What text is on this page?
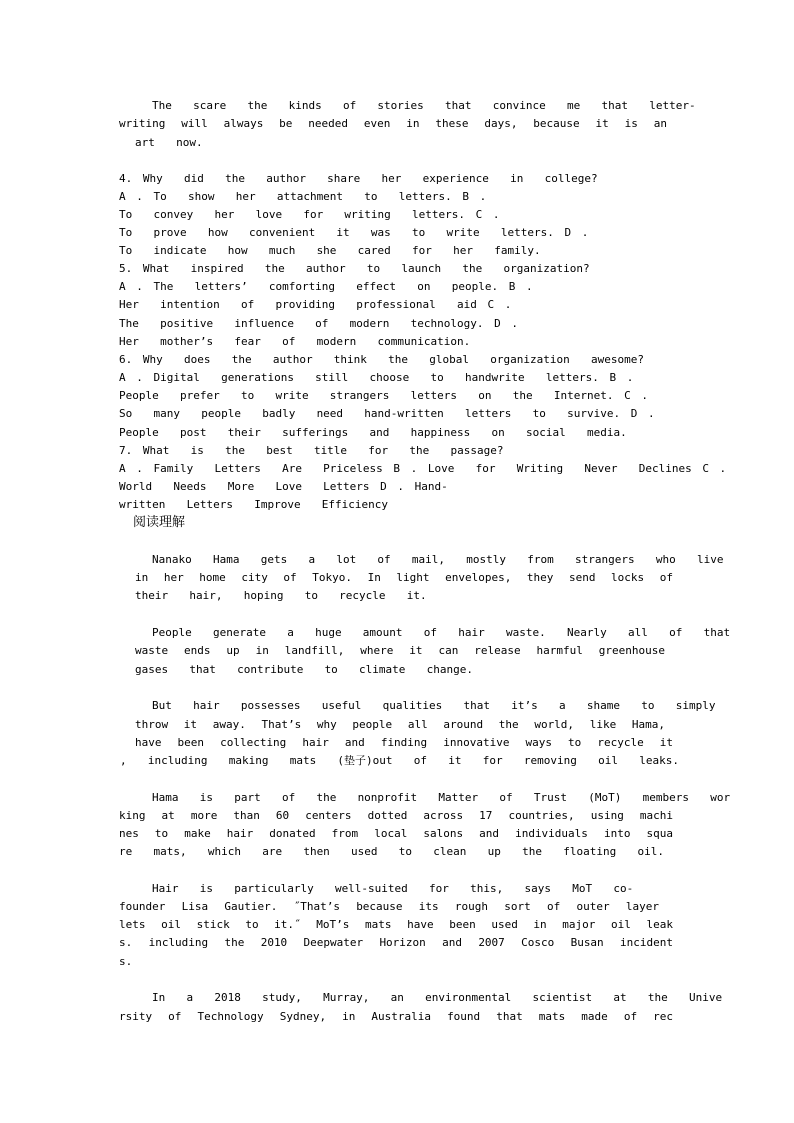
The  scare  the  kinds  of  stories  that  convince  me  that  letter-
writing will always be needed even in these days, because it is an
art  now.
4. Why  did  the  author  share  her  experience  in  college?
A . To  show  her  attachment  to  letters. B .
To  convey  her  love  for  writing  letters. C .
To  prove  how  convenient  it  was  to  write  letters. D .
To  indicate  how  much  she  cared  for  her  family.
5. What  inspired  the  author  to  launch  the  organization?
A . The  letters’  comforting  effect  on  people. B .
Her  intention  of  providing  professional  aid C .
The  positive  influence  of  modern  technology. D .
Her  mother’s  fear  of  modern  communication.
6. Why  does  the  author  think  the  global  organization  awesome?
A . Digital  generations  still  choose  to  handwrite  letters. B .
People  prefer  to  write  strangers  letters  on  the  Internet. C .
So  many  people  badly  need  hand-written  letters  to  survive. D .
People  post  their  sufferings  and  happiness  on  social  media.
7. What  is  the  best  title  for  the  passage?
A . Family  Letters  Are  Priceless B . Love  for  Writing  Never  Declines C .
World  Needs  More  Love  Letters D . Hand-
written  Letters  Improve  Efficiency
阅读理解
Nanako  Hama  gets  a  lot  of  mail,  mostly  from  strangers  who  live
in her home city of Tokyo. In light envelopes, they send locks of
their  hair,  hoping  to  recycle  it.
People  generate  a  huge  amount  of  hair  waste.  Nearly  all  of  that
waste ends up in landfill, where it can release harmful greenhouse
gases  that  contribute  to  climate  change.
But  hair  possesses  useful  qualities  that  it’s  a  shame  to  simply
throw it away. That’s why people all around the world, like Hama,
have been collecting hair and finding innovative ways to recycle it
,  including  making  mats  (垫子)out  of  it  for  removing  oil  leaks.
Hama  is  part  of  the  nonprofit  Matter  of  Trust  (MoT)  members  wor
king at more than 60 centers dotted across 17 countries, using machi
nes to make hair donated from local salons and individuals into squa
re  mats,  which  are  then  used  to  clean  up  the  floating  oil.
Hair  is  particularly  well-suited  for  this,  says  MoT  co-
founder Lisa Gautier. ˝That’s because its rough sort of outer layer
lets oil stick to it.˝ MoT’s mats have been used in major oil leak
s. including the 2010 Deepwater Horizon and 2007 Cosco Busan incident
s.
In  a  2018  study,  Murray,  an  environmental  scientist  at  the  Unive
rsity of Technology Sydney, in Australia found that mats made of rec
